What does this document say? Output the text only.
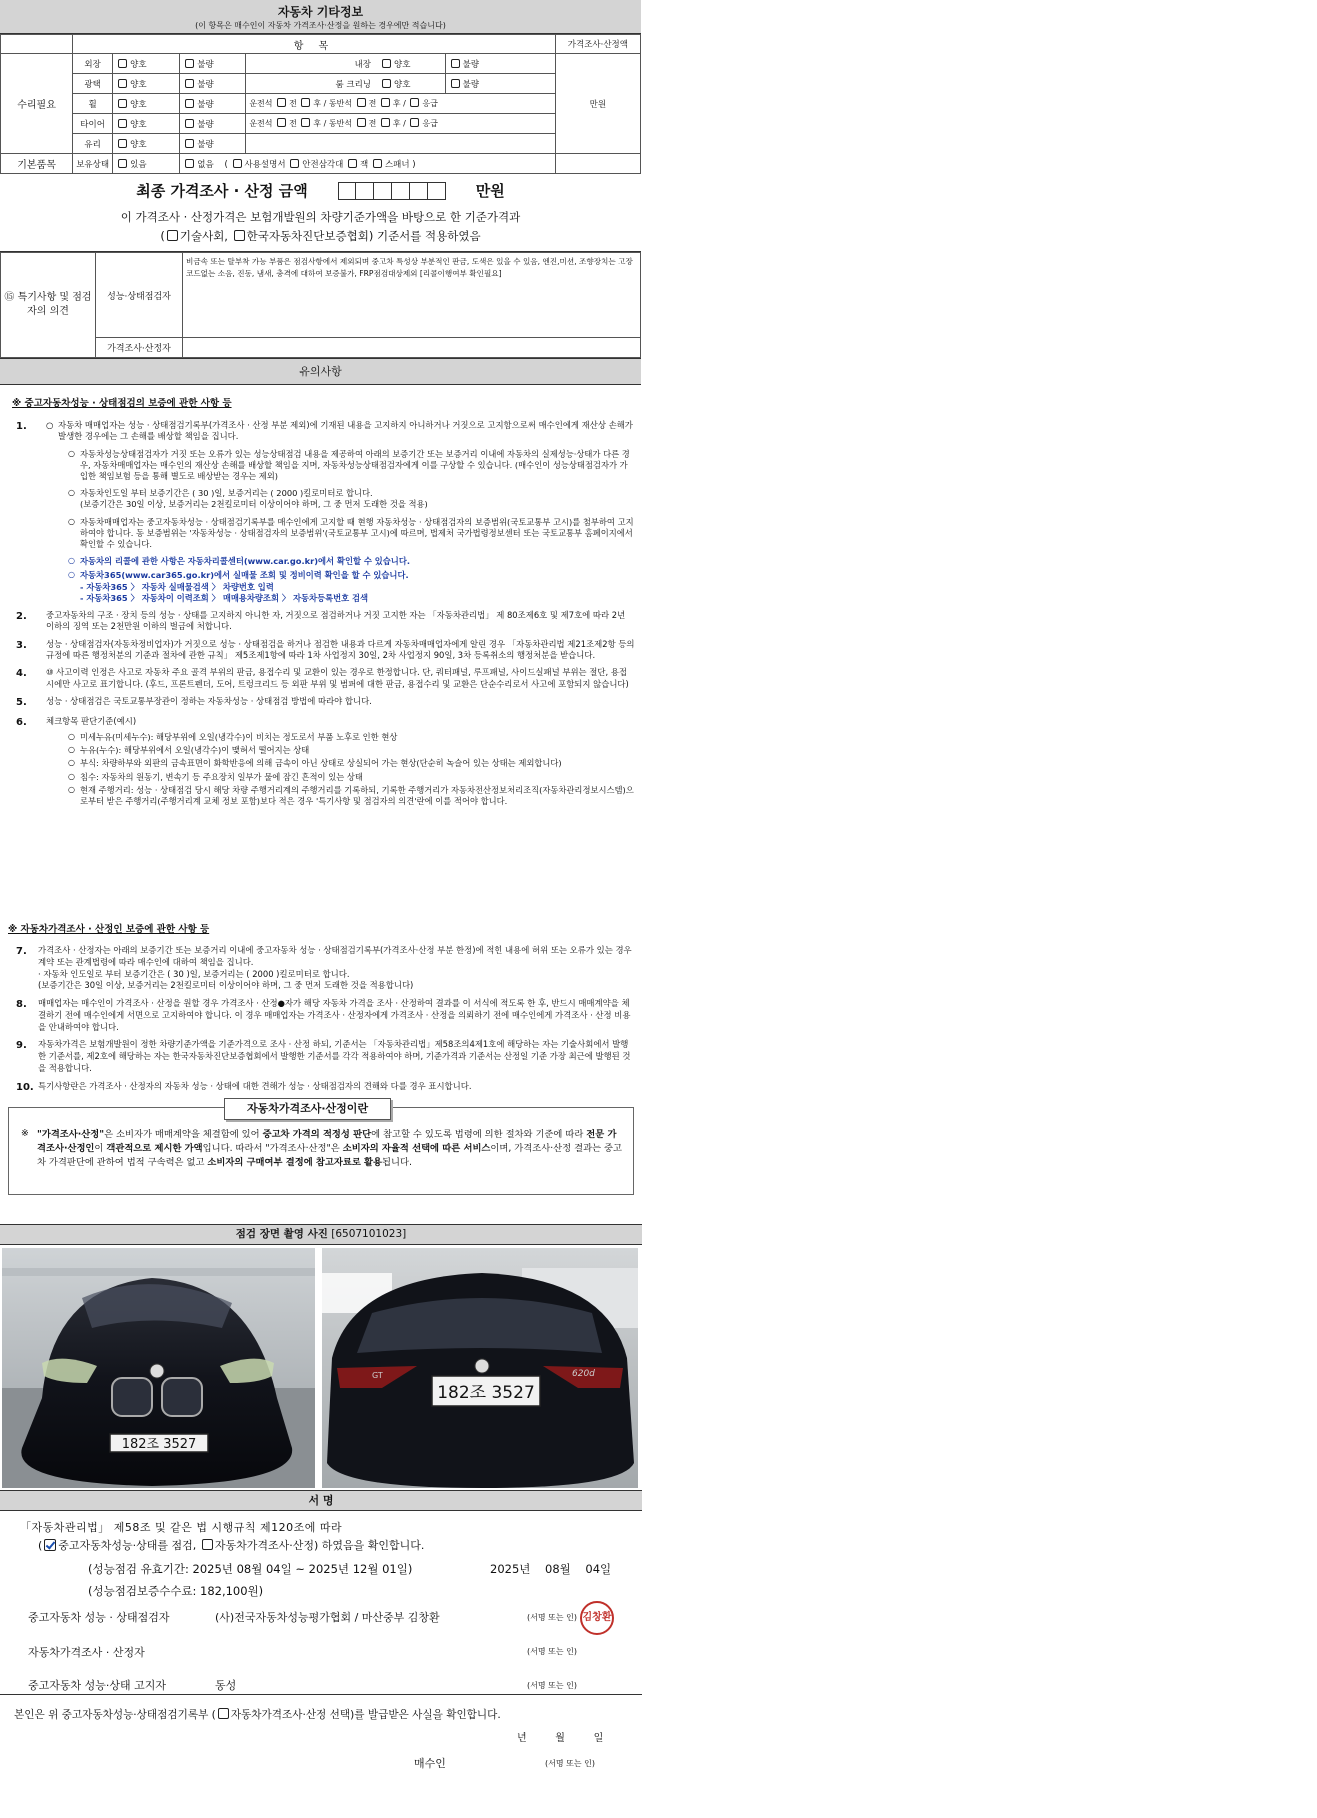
자동차 기타정보
(이 항목은 매수인이 자동차 가격조사·산정을 원하는 경우에만 적습니다)
	항 목						가격조사·산정액
수리필요	외장	양호	불량	내장	양호	불량	만원
	광택	양호	불량	룸 크리닝	양호	불량	
	휠	양호	불량	운전석 전 후 / 동반석 전 후 / 응급			
	타이어	양호	불량	운전석 전 후 / 동반석 전 후 / 응급			
	유리	양호	불량				
기본품목	보유상태	있음	없음    ( 사용설명서 안전삼각대 잭 스패너 )				
최종 가격조사 · 산정 금액	만원
이 가격조사 · 산정가격은 보험개발원의 차량기준가액을 바탕으로 한 기준가격과
( 기술사회, 한국자동차진단보증협회) 기준서를 적용하였음
⑮ 특기사항 및 점검자의 의견	성능·상태점검자	비금속 또는 탈부착 가능 부품은 점검사항에서 제외되며 중고차 특성상 부분적인 판금, 도색은 있을 수 있음, 엔진,미션, 조향장치는 고장코드없는 소음, 진동, 냄새, 충격에 대하여 보증불가, FRP점검대상제외 [리콜이행여부 확인필요]
	가격조사·산정자	
유의사항
※ 중고자동차성능 · 상태점검의 보증에 관한 사항 등
1.	○ 자동차 매매업자는 성능 · 상태점검기록부(가격조사 · 산정 부분 제외)에 기재된 내용을 고지하지 아니하거나 거짓으로 고지함으로써 매수인에게 재산상 손해가 발생한 경우에는 그 손해를 배상할 책임을 집니다.
○ 자동차성능상태점검자가 거짓 또는 오류가 있는 성능상태점검 내용을 제공하여 아래의 보증기간 또는 보증거리 이내에 자동차의 실제성능·상태가 다른 경우, 자동차매매업자는 매수인의 재산상 손해를 배상할 책임을 지며, 자동차성능상태점검자에게 이를 구상할 수 있습니다. (매수인이 성능상태점검자가 가입한 책임보험 등을 통해 별도로 배상받는 경우는 제외)
○ 자동차인도일 부터 보증기간은 ( 30 )일, 보증거리는 ( 2000 )킬로미터로 합니다.
(보증기간은 30일 이상, 보증거리는 2천킬로미터 이상이어야 하며, 그 중 먼저 도래한 것을 적용)
○ 자동차매매업자는 중고자동차성능 · 상태점검기록부를 매수인에게 고지할 때 현행 자동차성능 · 상태점검자의 보증범위(국토교통부 고시)를 첨부하여 고지하여야 합니다. 동 보증범위는 '자동차성능 · 상태점검자의 보증범위'(국토교통부 고시)에 따르며, 법제처 국가법령정보센터 또는 국토교통부 홈페이지에서 확인할 수 있습니다.
○ 자동차의 리콜에 관한 사항은 자동차리콜센터(www.car.go.kr)에서 확인할 수 있습니다.
○ 자동차365(www.car365.go.kr)에서 실매물 조회 및 정비이력 확인을 할 수 있습니다.
- 자동차365 〉 자동차 실매물검색 〉 차량번호 입력
- 자동차365 〉 자동차이 이력조회 〉 매매용차량조회 〉 자동차등록번호 검색
2.	중고자동차의 구조 · 장치 등의 성능 · 상태를 고지하지 아니한 자, 거짓으로 점검하거나 거짓 고지한 자는 「자동차관리법」 제 80조제6호 및 제7호에 따라 2년 이하의 징역 또는 2천만원 이하의 벌금에 처합니다.
3.	성능 · 상태점검자(자동차정비업자)가 거짓으로 성능 · 상태점검을 하거나 점검한 내용과 다르게 자동차매매업자에게 알린 경우 「자동차관리법 제21조제2항 등의 규정에 따른 행정처분의 기준과 절차에 관한 규칙」 제5조제1항에 따라 1차 사업정지 30일, 2차 사업정지 90일, 3차 등록취소의 행정처분을 받습니다.
4.	⑩ 사고이력 인정은 사고로 자동차 주요 골격 부위의 판금, 용접수리 및 교환이 있는 경우로 한정합니다. 단, 쿼터패널, 루프패널, 사이드실패널 부위는 절단, 용접 시에만 사고로 표기합니다. (후드, 프론트펜더, 도어, 트렁크리드 등 외판 부위 및 범퍼에 대한 판금, 용접수리 및 교환은 단순수리로서 사고에 포함되지 않습니다)
5.	성능 · 상태점검은 국토교통부장관이 정하는 자동차성능 · 상태점검 방법에 따라야 합니다.
6.	체크항목 판단기준(예시)
○ 미세누유(미세누수): 해당부위에 오일(냉각수)이 비치는 정도로서 부품 노후로 인한 현상
○ 누유(누수): 해당부위에서 오일(냉각수)이 맺혀서 떨어지는 상태
○ 부식: 차량하부와 외판의 금속표면이 화학반응에 의해 금속이 아닌 상태로 상실되어 가는 현상(단순히 녹슬어 있는 상태는 제외합니다)
○ 침수: 자동차의 원동기, 변속기 등 주요장치 일부가 물에 잠긴 흔적이 있는 상태
○ 현재 주행거리: 성능 · 상태점검 당시 해당 차량 주행거리계의 주행거리를 기록하되, 기록한 주행거리가 자동차전산정보처리조직(자동차관리정보시스템)으로부터 받은 주행거리(주행거리계 교체 정보 포함)보다 적은 경우 '특기사항 및 점검자의 의견'란에 이를 적어야 합니다.
※ 자동차가격조사 · 산정인 보증에 관한 사항 등
7.	가격조사 · 산정자는 아래의 보증기간 또는 보증거리 이내에 중고자동차 성능 · 상태점검기록부(가격조사·산정 부분 한정)에 적힌 내용에 허위 또는 오류가 있는 경우 계약 또는 관계법령에 따라 매수인에 대하여 책임을 집니다.
· 자동차 인도일로 부터 보증기간은 ( 30 )일, 보증거리는 ( 2000 )킬로미터로 합니다.
(보증기간은 30일 이상, 보증거리는 2천킬로미터 이상이어야 하며, 그 중 먼저 도래한 것을 적용합니다)
8.	매매업자는 매수인이 가격조사 · 산정을 원할 경우 가격조사 · 산정●자가 해당 자동차 가격을 조사 · 산정하여 결과를 이 서식에 적도록 한 후, 반드시 매매계약을 체결하기 전에 매수인에게 서면으로 고지하여야 합니다. 이 경우 매매업자는 가격조사 · 산정자에게 가격조사 · 산정을 의뢰하기 전에 매수인에게 가격조사 · 산정 비용을 안내하여야 합니다.
9.	자동차가격은 보험개발원이 정한 차량기준가액을 기준가격으로 조사 · 산정 하되, 기준서는 「자동차관리법」제58조의4제1호에 해당하는 자는 기술사회에서 발행한 기준서를, 제2호에 해당하는 자는 한국자동차진단보증협회에서 발행한 기준서를 각각 적용하여야 하며, 기준가격과 기준서는 산정일 기준 가장 최근에 발행된 것을 적용합니다.
10. 특기사항란은 가격조사 · 산정자의 자동차 성능 · 상태에 대한 견해가 성능 · 상태점검자의 견해와 다를 경우 표시합니다.
자동차가격조사·산정이란
※ "가격조사·산정"은 소비자가 매매계약을 체결함에 있어 중고차 가격의 적정성 판단에 참고할 수 있도록 법령에 의한 절차와 기준에 따라 전문 가격조사·산정인이 객관적으로 제시한 가액입니다. 따라서 "가격조사·산정"은 소비자의 자율적 선택에 따른 서비스이며, 가격조사·산정 결과는 중고차 가격판단에 관하여 법적 구속력은 없고 소비자의 구매여부 결정에 참고자료로 활용됩니다.
점검 장면 촬영 사진 [6507101023]
182조 3527
GT	620d
182조 3527
서 명
「자동차관리법」 제58조 및 같은 법 시행규칙 제120조에 따라
( 중고자동차성능·상태를 점검, 자동차가격조사·산정) 하였음을 확인합니다.
(성능점검 유효기간: 2025년 08월 04일 ~ 2025년 12월 01일)	2025년 08월 04일
(성능점검보증수수료: 182,100원)
중고자동차 성능 · 상태점검자	(사)전국자동차성능평가협회 / 마산중부 김창환	(서명 또는 인) 김창환
자동차가격조사 · 산정자	(서명 또는 인)
중고자동차 성능·상태 고지자	동성	(서명 또는 인)
본인은 위 중고자동차성능·상태점검기록부 ( 자동차가격조사·산정 선택)를 발급받은 사실을 확인합니다.
년	월	일
매수인	(서명 또는 인)
